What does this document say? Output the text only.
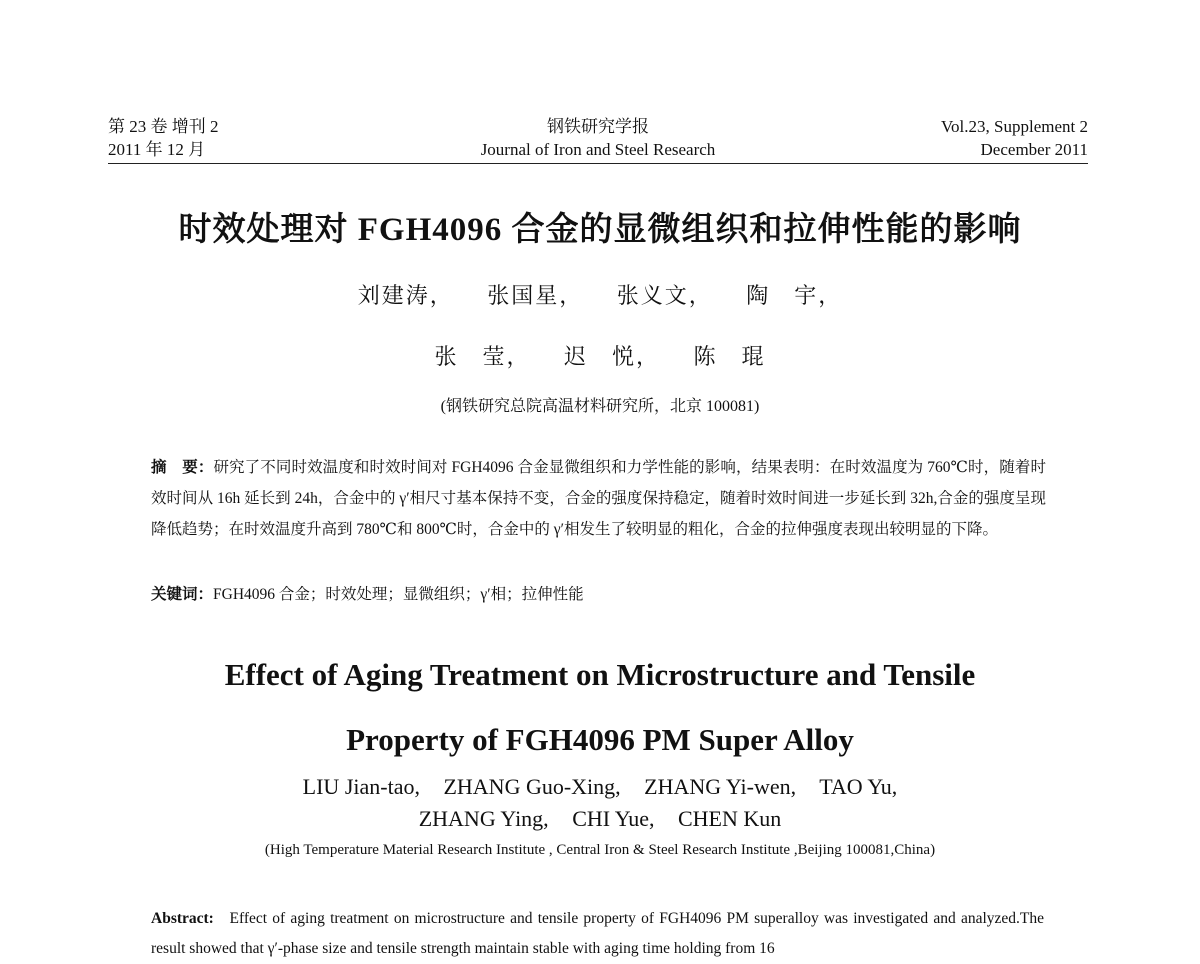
第 23 卷 增刊 2
2011 年 12 月
钢铁研究学报
Journal of Iron and Steel Research
Vol.23, Supplement 2
December 2011
时效处理对 FGH4096 合金的显微组织和拉伸性能的影响
刘建涛， 张国星， 张义文， 陶　宇，
张　莹， 迟　悦， 陈　琨
(钢铁研究总院高温材料研究所，北京 100081)
摘　要：研究了不同时效温度和时效时间对 FGH4096 合金显微组织和力学性能的影响，结果表明：在时效温度为 760℃时，随着时效时间从 16h 延长到 24h，合金中的 γ′相尺寸基本保持不变，合金的强度保持稳定，随着时效时间进一步延长到 32h,合金的强度呈现降低趋势；在时效温度升高到 780℃和 800℃时，合金中的 γ′相发生了较明显的粗化，合金的拉伸强度表现出较明显的下降。
关键词：FGH4096 合金；时效处理；显微组织；γ′相；拉伸性能
Effect of Aging Treatment on Microstructure and Tensile
Property of FGH4096 PM Super Alloy
LIU Jian-tao, ZHANG Guo-Xing, ZHANG Yi-wen, TAO Yu,
ZHANG Ying, CHI Yue, CHEN Kun
(High Temperature Material Research Institute , Central Iron & Steel Research Institute ,Beijing 100081,China)
Abstract: Effect of aging treatment on microstructure and tensile property of FGH4096 PM superalloy was investigated and analyzed.The result showed that γ′-phase size and tensile strength maintain stable with aging time holding from 16
